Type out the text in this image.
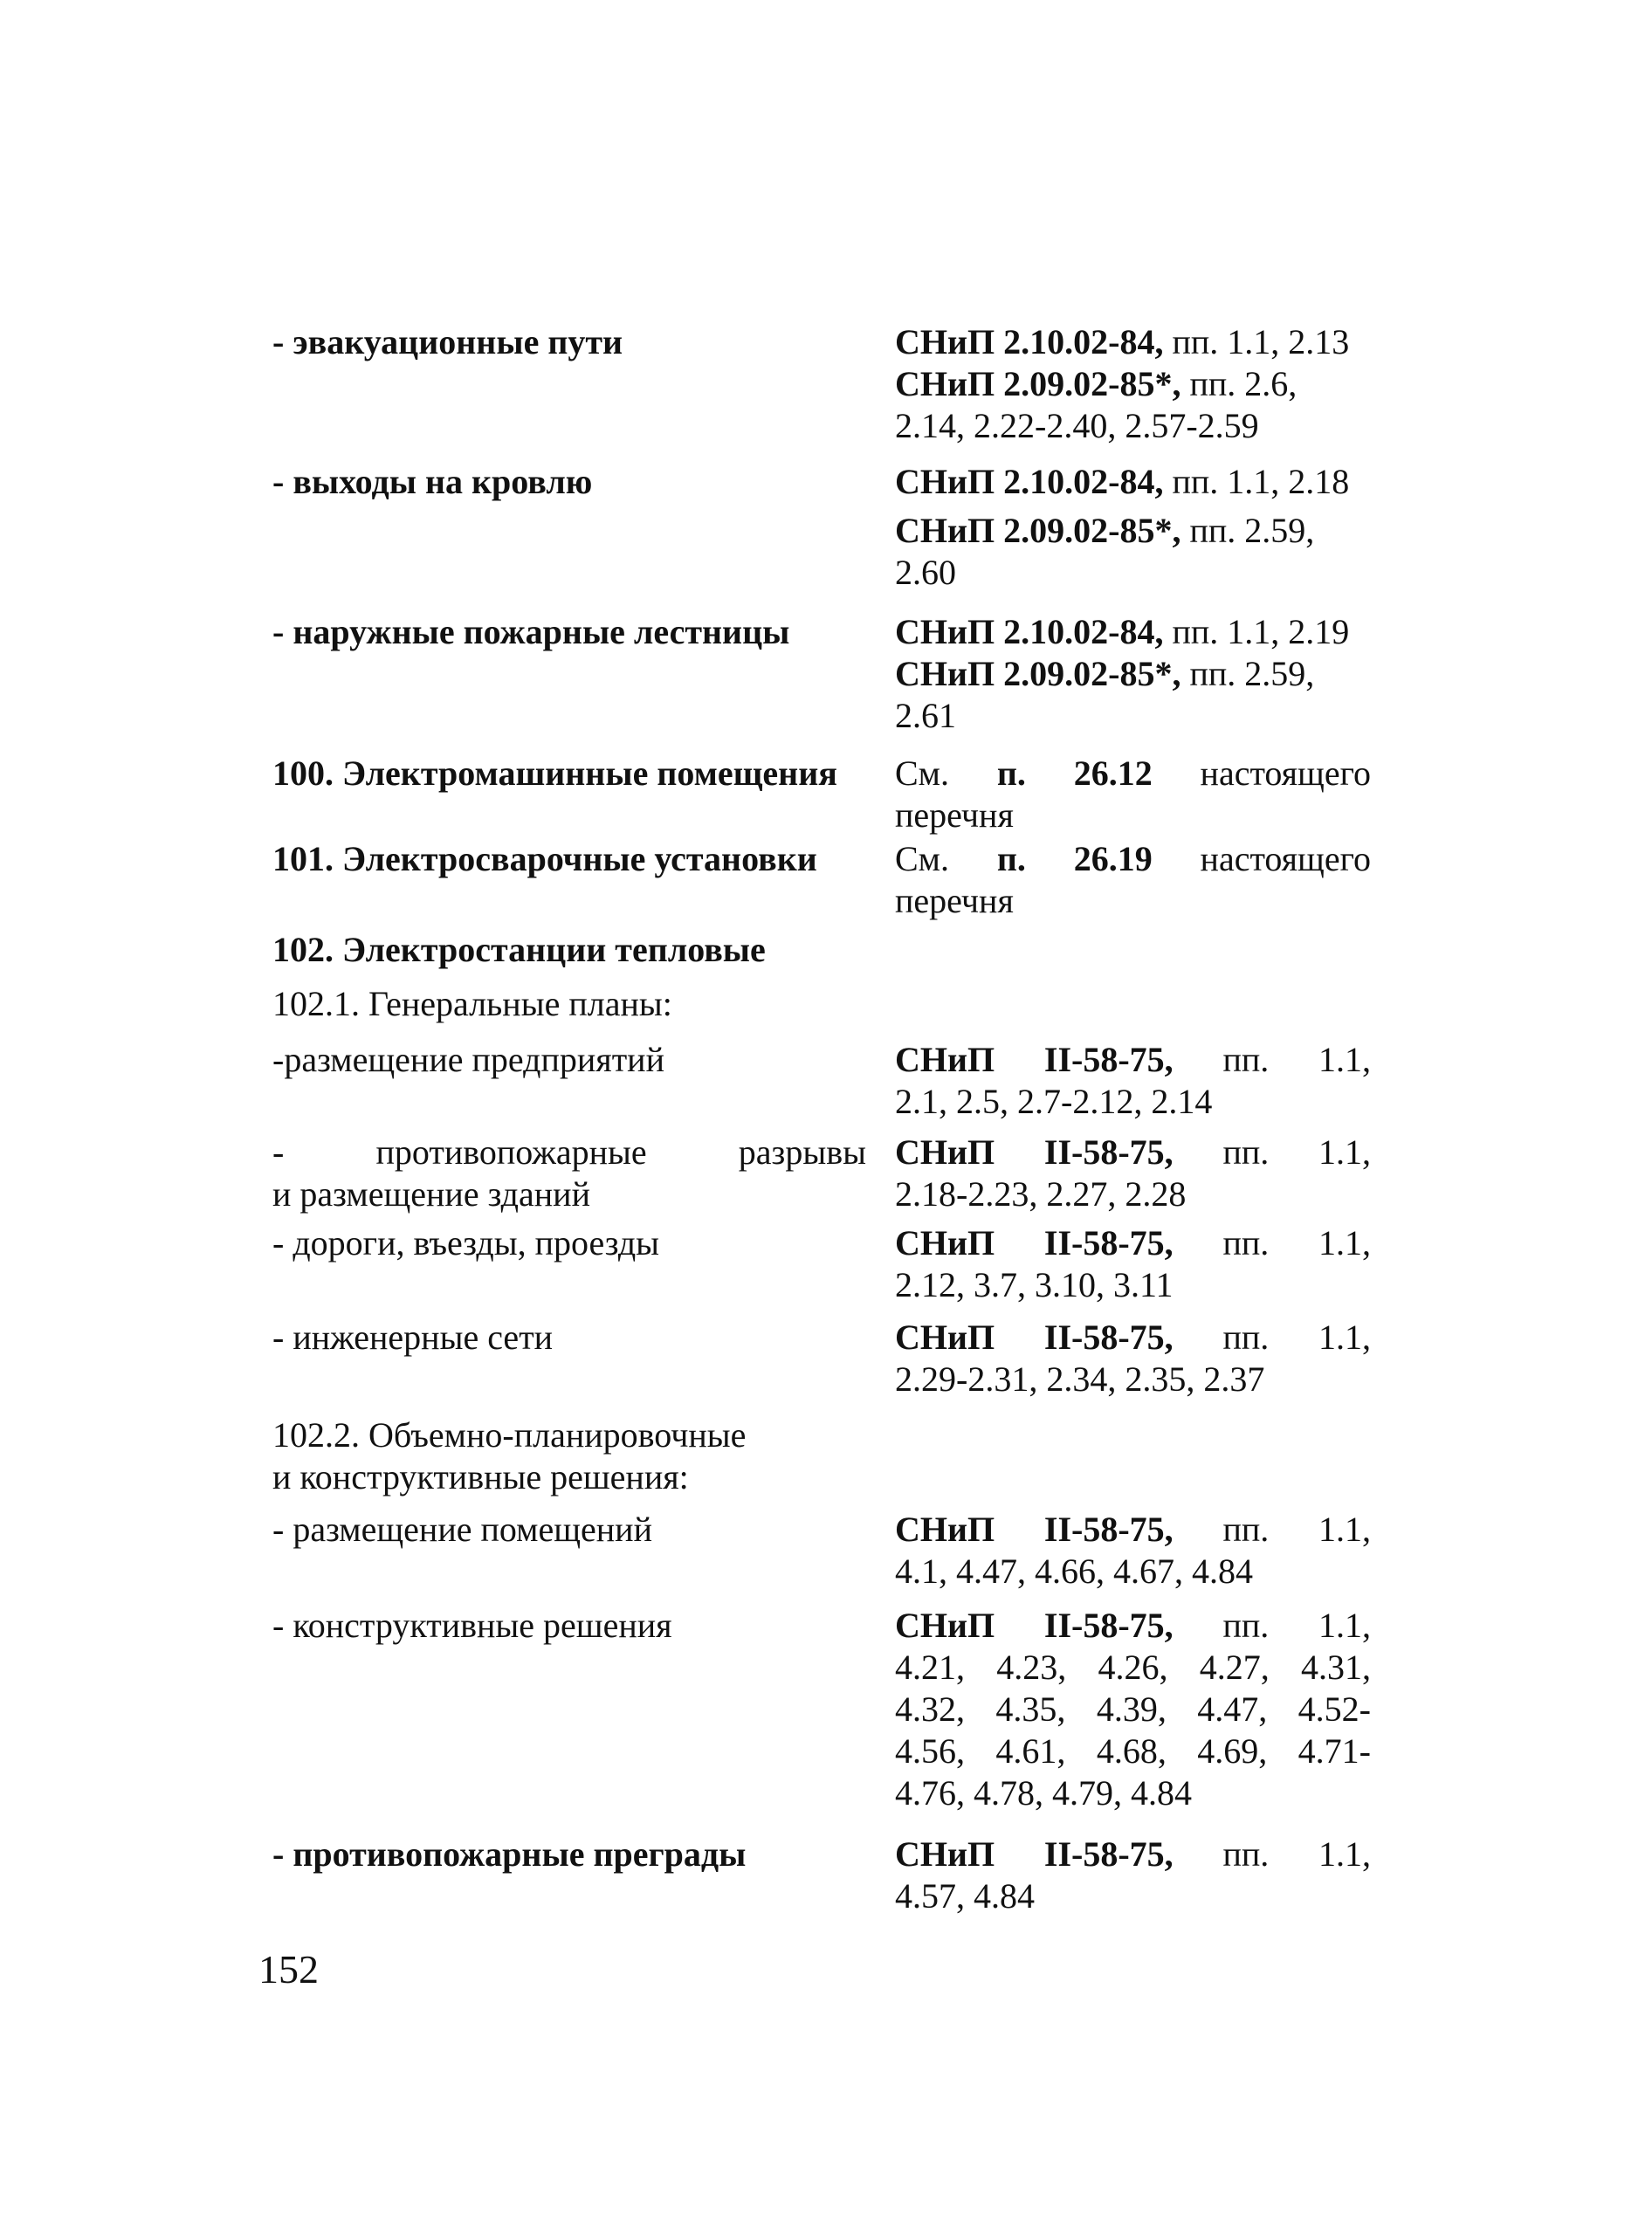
- эвакуационные пути	СНиП 2.10.02-84, пп. 1.1, 2.13
СНиП 2.09.02-85*, пп. 2.6,
2.14, 2.22-2.40, 2.57-2.59
- выходы на кровлю	СНиП 2.10.02-84, пп. 1.1, 2.18
СНиП 2.09.02-85*, пп. 2.59,
2.60
- наружные пожарные лестницы	СНиП 2.10.02-84, пп. 1.1, 2.19
СНиП 2.09.02-85*, пп. 2.59,
2.61
100. Электромашинные помещения	См. п. 26.12 настоящего
перечня
101. Электросварочные установки	См. п. 26.19 настоящего
перечня
102. Электростанции тепловые
102.1. Генеральные планы:
-размещение предприятий	СНиП II-58-75, пп. 1.1,
2.1, 2.5, 2.7-2.12, 2.14
- противопожарные разрывы
и размещение зданий
СНиП II-58-75, пп. 1.1,
2.18-2.23, 2.27, 2.28
- дороги, въезды, проезды	СНиП II-58-75, пп. 1.1,
2.12, 3.7, 3.10, 3.11
- инженерные сети	СНиП II-58-75, пп. 1.1,
2.29-2.31, 2.34, 2.35, 2.37
102.2. Объемно-планировочные
и конструктивные решения:
- размещение помещений	СНиП II-58-75, пп. 1.1,
4.1, 4.47, 4.66, 4.67, 4.84
- конструктивные решения	СНиП II-58-75, пп. 1.1,
4.21, 4.23, 4.26, 4.27, 4.31,
4.32, 4.35, 4.39, 4.47, 4.52-
4.56, 4.61, 4.68, 4.69, 4.71-
4.76, 4.78, 4.79, 4.84
- противопожарные преграды	СНиП II-58-75, пп. 1.1,
4.57, 4.84
152
